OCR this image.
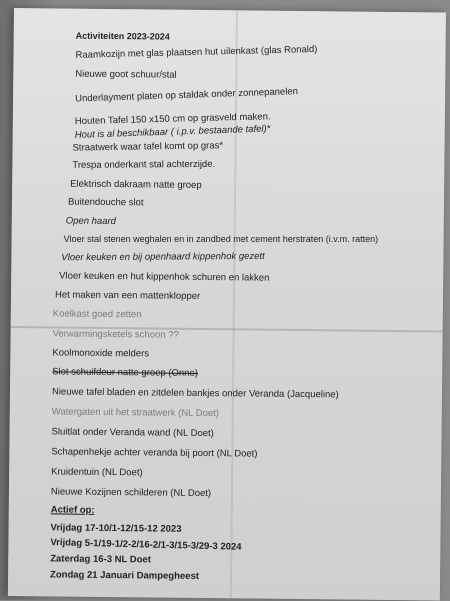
Activiteiten 2023-2024
Raamkozijn met glas plaatsen hut uilenkast (glas Ronald)
Nieuwe goot schuur/stal
Underlayment platen op staldak onder zonnepanelen
Houten Tafel 150 x150 cm op grasveld maken.
Hout is al beschikbaar ( i.p.v. bestaande tafel)*
Straatwerk waar tafel komt op gras*
Trespa onderkant stal achterzijde.
Elektrisch dakraam natte groep
Buitendouche slot
Open haard
Vloer stal stenen weghalen en in zandbed met cement herstraten (i.v.m. ratten)
Vloer keuken en bij openhaard kippenhok gezett
Vloer keuken en hut kippenhok schuren en lakken
Het maken van een mattenklopper
Koelkast goed zetten
Verwarmingsketels schoon ??
Koolmonoxide melders
Slot schuifdeur natte groep (Onno)
Nieuwe tafel bladen en zitdelen bankjes onder Veranda (Jacqueline)
Watergaten uit het straatwerk (NL Doet)
Sluitlat onder Veranda wand (NL Doet)
Schapenhekje achter veranda bij poort (NL Doet)
Kruidentuin (NL Doet)
Nieuwe Kozijnen schilderen (NL Doet)
Actief op:
Vrijdag 17-10/1-12/15-12 2023
Vrijdag 5-1/19-1/2-2/16-2/1-3/15-3/29-3 2024
Zaterdag 16-3 NL Doet
Zondag 21 Januari Dampegheest
